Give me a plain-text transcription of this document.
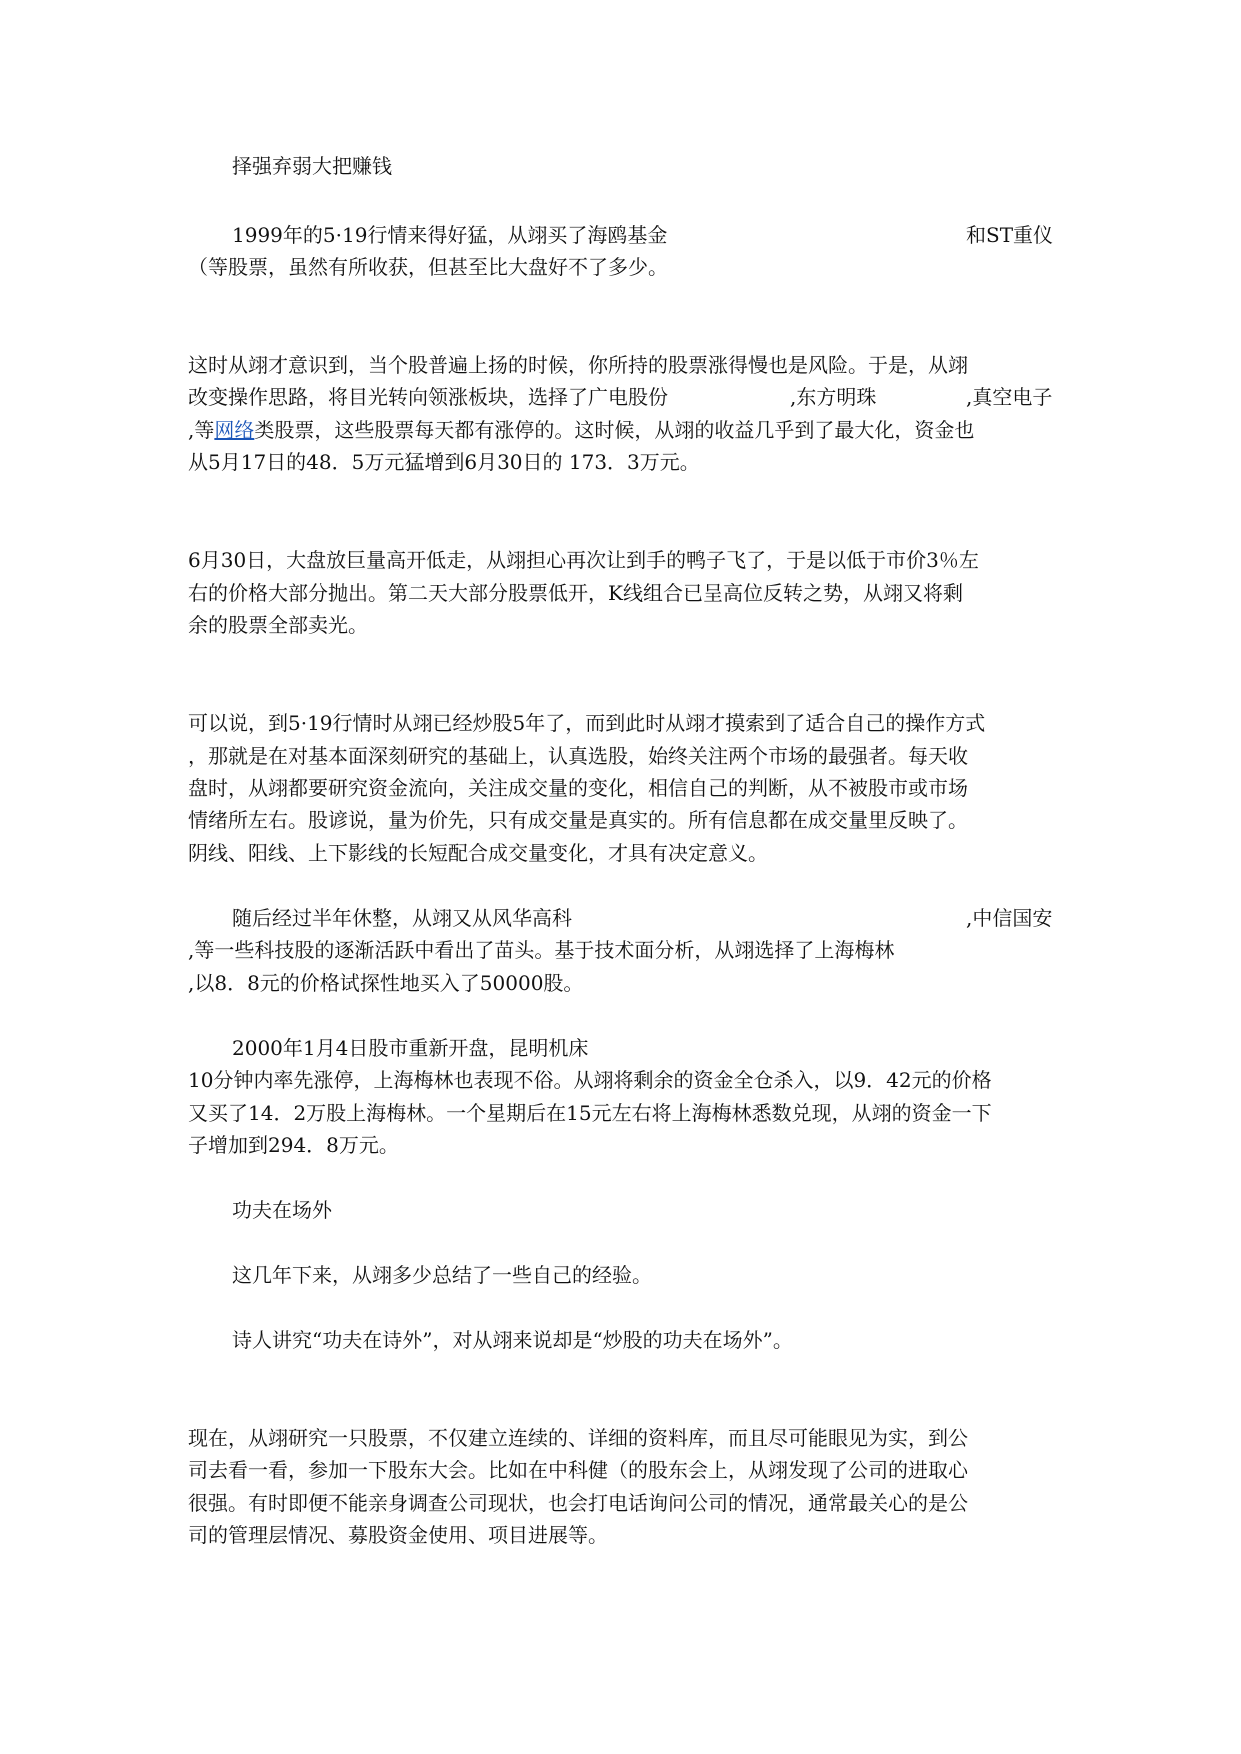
择强弃弱大把赚钱
1999年的5·19行情来得好猛，从翊买了海鸥基金	和ST重仪
（等股票，虽然有所收获，但甚至比大盘好不了多少。
这时从翊才意识到，当个股普遍上扬的时候，你所持的股票涨得慢也是风险。于是，从翊
改变操作思路，将目光转向领涨板块，选择了广电股份	,东方明珠	,真空电子
,等网络类股票，这些股票每天都有涨停的。这时候，从翊的收益几乎到了最大化，资金也
从5月17日的48．5万元猛增到6月30日的 173．3万元。
6月30日，大盘放巨量高开低走，从翊担心再次让到手的鸭子飞了，于是以低于市价3％左
右的价格大部分抛出。第二天大部分股票低开，K线组合已呈高位反转之势，从翊又将剩
余的股票全部卖光。
可以说，到5·19行情时从翊已经炒股5年了，而到此时从翊才摸索到了适合自己的操作方式
，那就是在对基本面深刻研究的基础上，认真选股，始终关注两个市场的最强者。每天收
盘时，从翊都要研究资金流向，关注成交量的变化，相信自己的判断，从不被股市或市场
情绪所左右。股谚说，量为价先，只有成交量是真实的。所有信息都在成交量里反映了。
阴线、阳线、上下影线的长短配合成交量变化，才具有决定意义。
随后经过半年休整，从翊又从风华高科	,中信国安
,等一些科技股的逐渐活跃中看出了苗头。基于技术面分析，从翊选择了上海梅林
,以8．8元的价格试探性地买入了50000股。
2000年1月4日股市重新开盘，昆明机床
10分钟内率先涨停，上海梅林也表现不俗。从翊将剩余的资金全仓杀入，以9．42元的价格
又买了14．2万股上海梅林。一个星期后在15元左右将上海梅林悉数兑现，从翊的资金一下
子增加到294．8万元。
功夫在场外
这几年下来，从翊多少总结了一些自己的经验。
诗人讲究“功夫在诗外”，对从翊来说却是“炒股的功夫在场外”。
现在，从翊研究一只股票，不仅建立连续的、详细的资料库，而且尽可能眼见为实，到公
司去看一看，参加一下股东大会。比如在中科健（的股东会上，从翊发现了公司的进取心
很强。有时即便不能亲身调查公司现状，也会打电话询问公司的情况，通常最关心的是公
司的管理层情况、募股资金使用、项目进展等。
